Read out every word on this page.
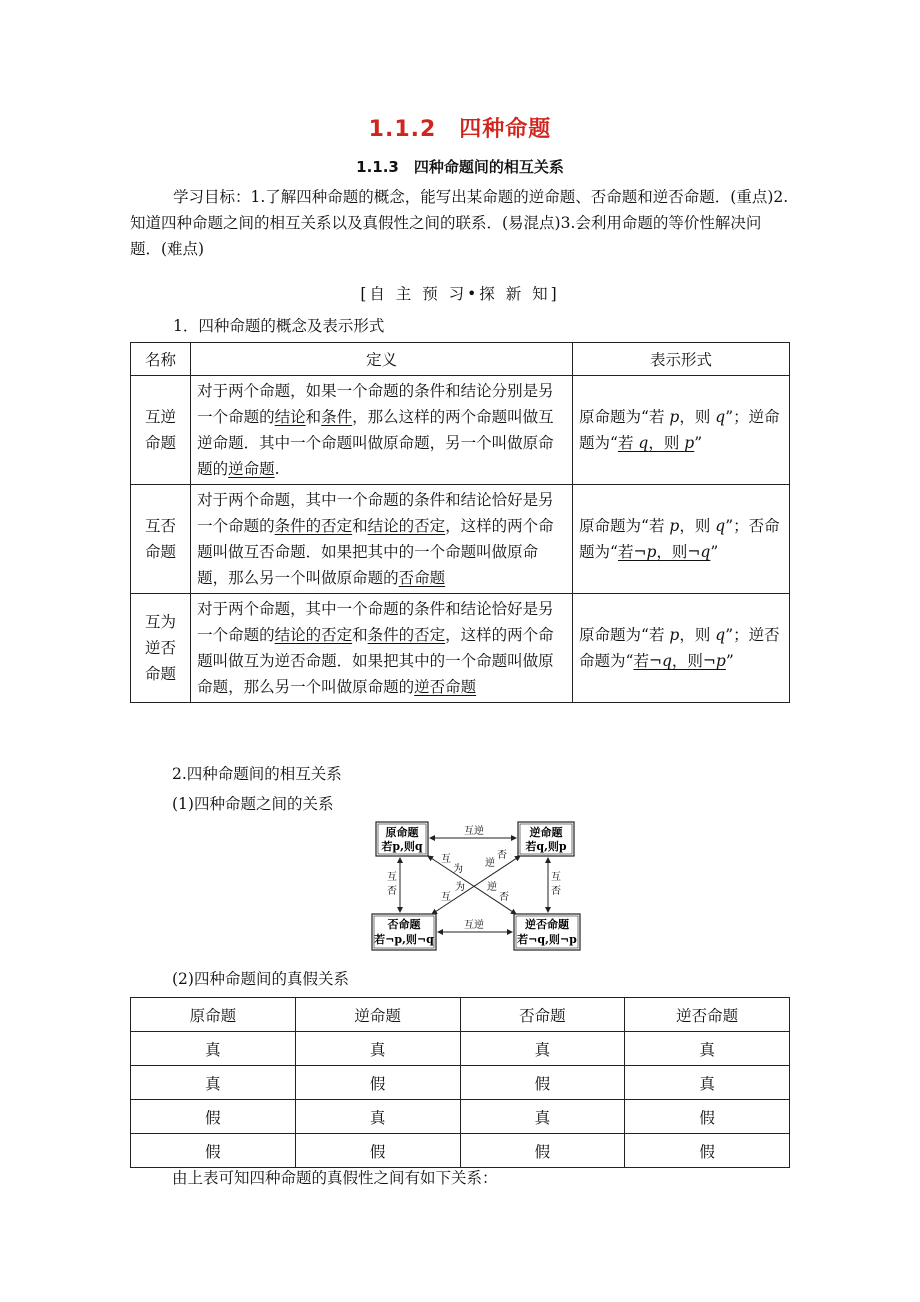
1.1.2　四种命题
1.1.3　四种命题间的相互关系
学习目标：1.了解四种命题的概念，能写出某命题的逆命题、否命题和逆否命题．(重点)2.知道四种命题之间的相互关系以及真假性之间的联系．(易混点)3.会利用命题的等价性解决问题．(难点)
[自 主 预 习•探 新 知]
1．四种命题的概念及表示形式
名称	定义	表示形式

互逆
命题	对于两个命题，如果一个命题的条件和结论分别是另一个命题的结论和条件，那么这样的两个命题叫做互逆命题．其中一个命题叫做原命题，另一个叫做原命题的逆命题.	原命题为“若 p，则 q”；逆命题为“若 q，则 p”

互否
命题	对于两个命题，其中一个命题的条件和结论恰好是另一个命题的条件的否定和结论的否定，这样的两个命题叫做互否命题．如果把其中的一个命题叫做原命题，那么另一个叫做原命题的否命题	原命题为“若 p，则 q”；否命题为“若¬p，则¬q”

互为
逆否
命题	对于两个命题，其中一个命题的条件和结论恰好是另一个命题的结论的否定和条件的否定，这样的两个命题叫做互为逆否命题．如果把其中的一个命题叫做原命题，那么另一个叫做原命题的逆否命题	原命题为“若 p，则 q”；逆否命题为“若¬q，则¬p”
2.四种命题间的相互关系
(1)四种命题之间的关系
原命题
若p,则q
逆命题
若q,则p
否命题
若¬p,则¬q
逆否命题
若¬q,则¬p
互逆
互逆
互
否
互
否
互
为
逆
否
为
互
逆
否
(2)四种命题间的真假关系
原命题	逆命题	否命题	逆否命题
真	真	真	真
真	假	假	真
假	真	真	假
假	假	假	假
由上表可知四种命题的真假性之间有如下关系：
